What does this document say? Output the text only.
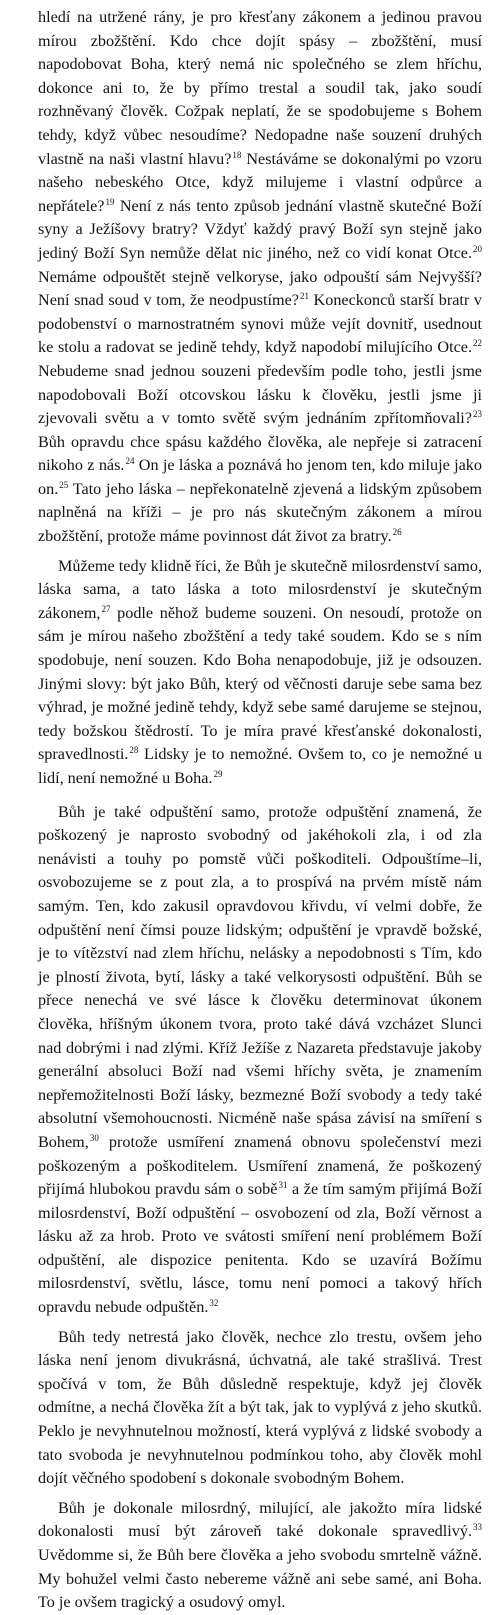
hledí na utržené rány, je pro křesťany zákonem a jedinou pravou mírou zbožštění. Kdo chce dojít spásy – zbožštění, musí napodobovat Boha, který nemá nic společného se zlem hříchu, dokonce ani to, že by přímo trestal a soudil tak, jako soudí rozhněvaný člověk. Cožpak neplatí, že se spodobujeme s Bohem tehdy, když vůbec nesoudíme? Nedopadne naše souzení druhých vlastně na naši vlastní hlavu?$^{18}$ Nestáváme se dokonalými po vzoru našeho nebeského Otce, když milujeme i vlastní odpůrce a nepřátele?$^{19}$ Není z nás tento způsob jednání vlastně skutečné Boží syny a Ježíšovy bratry? Vždyť každý pravý Boží syn stejně jako jediný Boží Syn nemůže dělat nic jiného, než co vidí konat Otce.$^{20}$ Nemáme odpouštět stejně velkoryse, jako odpouští sám Nejvyšší? Není snad soud v tom, že neodpustíme?$^{21}$ Koneckonců starší bratr v podobenství o marnostratném synovi může vejít dovnitř, usednout ke stolu a radovat se jedině tehdy, když napodobí milujícího Otce.$^{22}$ Nebudeme snad jednou souzeni především podle toho, jestli jsme napodobovali Boží otcovskou lásku k člověku, jestli jsme ji zjevovali světu a v tomto světě svým jednáním zpřítomňovali?$^{23}$ Bůh opravdu chce spásu každého člověka, ale nepřeje si zatracení nikoho z nás.$^{24}$ On je láska a poznává ho jenom ten, kdo miluje jako on.$^{25}$ Tato jeho láska – nepřekonatelně zjevená a lidským způsobem naplněná na kříži – je pro nás skutečným zákonem a mírou zbožštění, protože máme povinnost dát život za bratry.$^{26}$

Můžeme tedy klidně říci, že Bůh je skutečně milosrdenství samo, láska sama, a tato láska a toto milosrdenství je skutečným zákonem,$^{27}$ podle něhož budeme souzeni. On nesoudí, protože on sám je mírou našeho zbožštění a tedy také soudem. Kdo se s ním spodobuje, není souzen. Kdo Boha nenapodobuje, již je odsouzen. Jinými slovy: být jako Bůh, který od věčnosti daruje sebe sama bez výhrad, je možné jedině tehdy, když sebe samé darujeme se stejnou, tedy božskou štědrostí. To je míra pravé křesťanské dokonalosti, spravedlnosti.$^{28}$ Lidsky je to nemožné. Ovšem to, co je nemožné u lidí, není nemožné u Boha.$^{29}$

Bůh je také odpuštění samo, protože odpuštění znamená, že poškozený je naprosto svobodný od jakéhokoli zla, i od zla nenávisti a touhy po pomstě vůči poškoditeli. Odpouštíme–li, osvobozujeme se z pout zla, a to prospívá na prvém místě nám samým. Ten, kdo zakusil opravdovou křivdu, ví velmi dobře, že odpuštění není čímsi pouze lidským; odpuštění je vpravdě božské, je to vítězství nad zlem hříchu, nelásky a nepodobnosti s Tím, kdo je plností života, bytí, lásky a také velkorysosti odpuštění. Bůh se přece nenechá ve své lásce k člověku determinovat úkonem člověka, hříšným úkonem tvora, proto také dává vzcházet Slunci nad dobrými i nad zlými. Kříž Ježíše z Nazareta představuje jakoby generální absoluci Boží nad všemi hříchy světa, je znamením nepřemožitelnosti Boží lásky, bezmezné Boží svobody a tedy také absolutní všemohoucnosti. Nicméně naše spása závisí na smíření s Bohem,$^{30}$ protože usmíření znamená obnovu společenství mezi poškozeným a poškoditelem. Usmíření znamená, že poškozený přijímá hlubokou pravdu sám o sobě$^{31}$ a že tím samým přijímá Boží milosrdenství, Boží odpuštění – osvobození od zla, Boží věrnost a lásku až za hrob. Proto ve svátosti smíření není problémem Boží odpuštění, ale dispozice penitenta. Kdo se uzavírá Božímu milosrdenství, světlu, lásce, tomu není pomoci a takový hřích opravdu nebude odpuštěn.$^{32}$

Bůh tedy netrestá jako člověk, nechce zlo trestu, ovšem jeho láska není jenom divukrásná, úchvatná, ale také strašlivá. Trest spočívá v tom, že Bůh důsledně respektuje, když jej člověk odmítne, a nechá člověka žít a být tak, jak to vyplývá z jeho skutků. Peklo je nevyhnutelnou možností, která vyplývá z lidské svobody a tato svoboda je nevyhnutelnou podmínkou toho, aby člověk mohl dojít věčného spodobení s dokonale svobodným Bohem.

Bůh je dokonale milosrdný, milující, ale jakožto míra lidské dokonalosti musí být zároveň také dokonale spravedlivý.$^{33}$ Uvědomme si, že Bůh bere člověka a jeho svobodu smrtelně vážně. My bohužel velmi často nebereme vážně ani sebe samé, ani Boha. To je ovšem tragický a osudový omyl.
